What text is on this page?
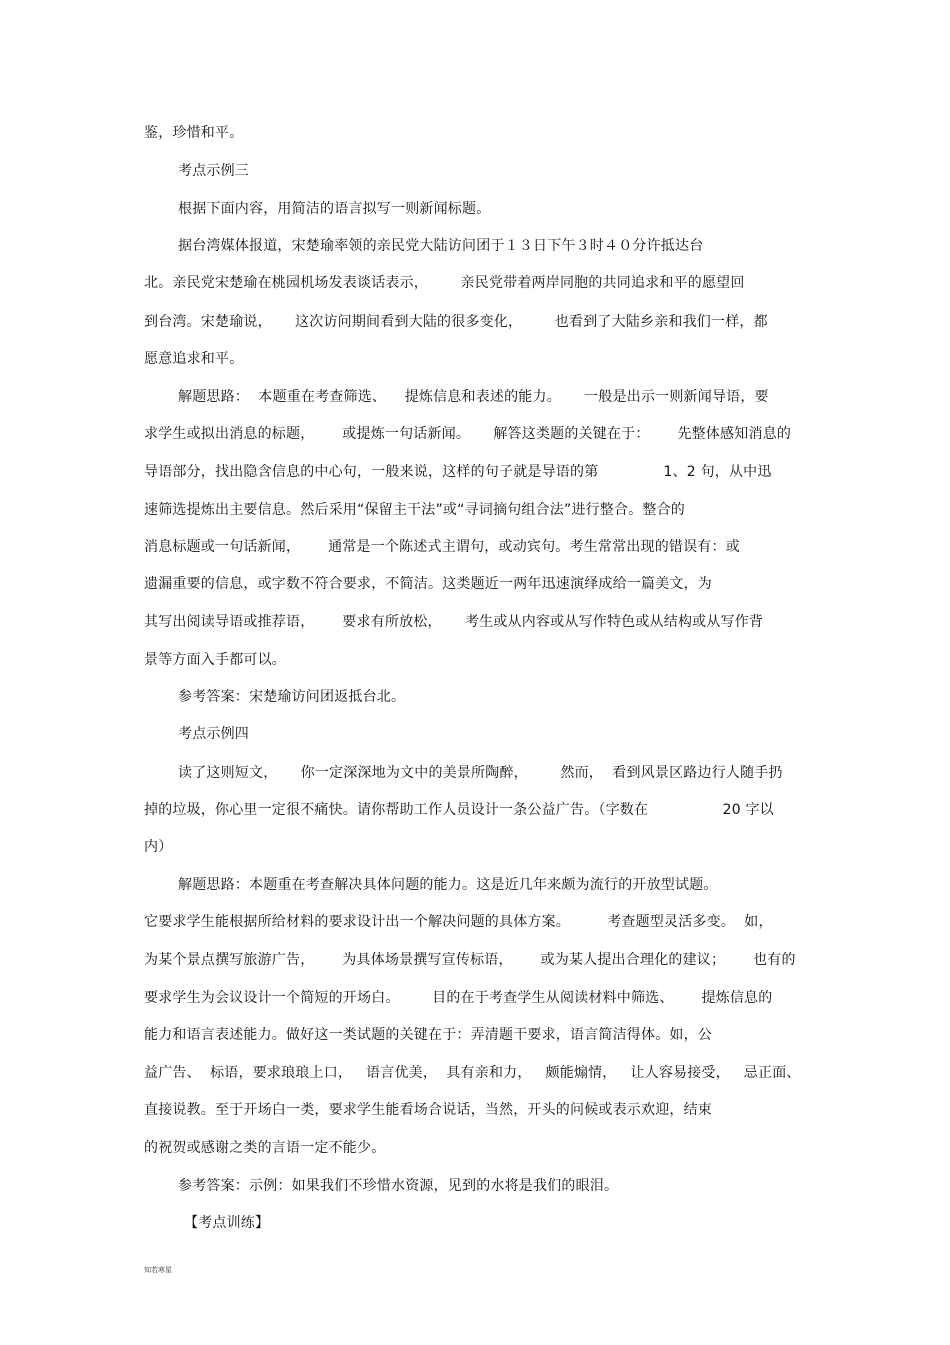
鉴，珍惜和平。
考点示例三
根据下面内容，用简洁的语言拟写一则新闻标题。
据台湾媒体报道，宋楚瑜率领的亲民党大陆访问团于１３日下午３时４０分许抵达台
北。亲民党宋楚瑜在桃园机场发表谈话表示，       亲民党带着两岸同胞的共同追求和平的愿望回
到台湾。宋楚瑜说，     这次访问期间看到大陆的很多变化，       也看到了大陆乡亲和我们一样，都
愿意追求和平。
解题思路：  本题重在考查筛选、    提炼信息和表述的能力。     一般是出示一则新闻导语，要
求学生或拟出消息的标题，      或提炼一句话新闻。     解答这类题的关键在于：      先整体感知消息的
导语部分，找出隐含信息的中心句，一般来说，这样的句子就是导语的第              1、2 句，从中迅
速筛选提炼出主要信息。然后采用“保留主干法”或“寻词摘句组合法”进行整合。整合的
消息标题或一句话新闻，      通常是一个陈述式主谓句，或动宾句。考生常常出现的错误有：或
遗漏重要的信息，或字数不符合要求，不简洁。这类题近一两年迅速演绎成给一篇美文，为
其写出阅读导语或推荐语，      要求有所放松，     考生或从内容或从写作特色或从结构或从写作背
景等方面入手都可以。
参考答案：宋楚瑜访问团返抵台北。
考点示例四
读了这则短文，     你一定深深地为文中的美景所陶醉，       然而，  看到风景区路边行人随手扔
掉的垃圾，你心里一定很不痛快。请你帮助工作人员设计一条公益广告。（字数在                20 字以
内）
解题思路：本题重在考查解决具体问题的能力。这是近几年来颇为流行的开放型试题。
它要求学生能根据所给材料的要求设计出一个解决问题的具体方案。        考查题型灵活多变。  如，
为某个景点撰写旅游广告，      为具体场景撰写宣传标语，      或为某人提出合理化的建议；      也有的
要求学生为会议设计一个简短的开场白。       目的在于考查学生从阅读材料中筛选、      提炼信息的
能力和语言表述能力。做好这一类试题的关键在于：弄清题干要求，语言简洁得体。如，公
益广告、  标语，要求琅琅上口，   语言优美，  具有亲和力，   颇能煽情，   让人容易接受，   忌正面、
直接说教。至于开场白一类，要求学生能看场合说话，当然，开头的问候或表示欢迎，结束
的祝贺或感谢之类的言语一定不能少。
参考答案：示例：如果我们不珍惜水资源，见到的水将是我们的眼泪。
【考点训练】
知若寒星
